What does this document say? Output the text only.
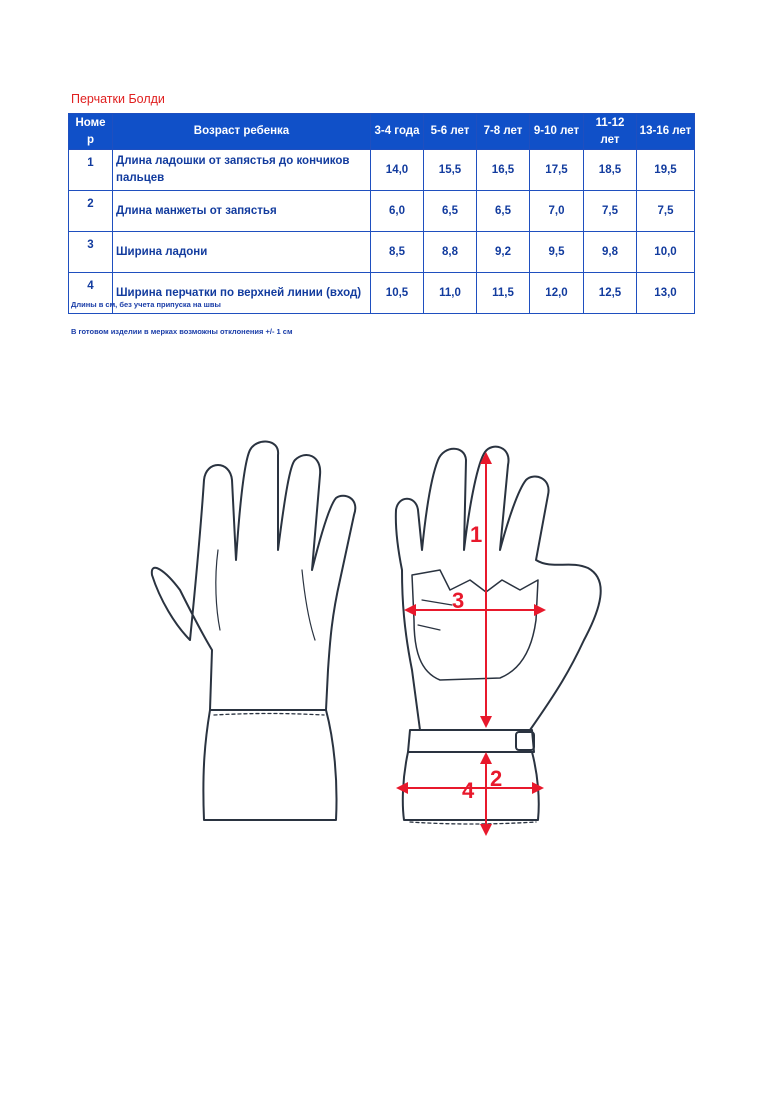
Перчатки Болди
Номе р	Возраст ребенка	3-4 года	5-6 лет	7-8 лет	9-10 лет	11-12 лет	13-16 лет
1	Длина ладошки от запястья до кончиков пальцев	14,0	15,5	16,5	17,5	18,5	19,5
2	Длина манжеты от запястья	6,0	6,5	6,5	7,0	7,5	7,5
3	Ширина ладони	8,5	8,8	9,2	9,5	9,8	10,0
4	Ширина перчатки по верхней линии (вход)	10,5	11,0	11,5	12,0	12,5	13,0
Длины в см, без учета припуска на швы
В готовом изделии в мерках возможны отклонения +/- 1 см
1
2
3
4
